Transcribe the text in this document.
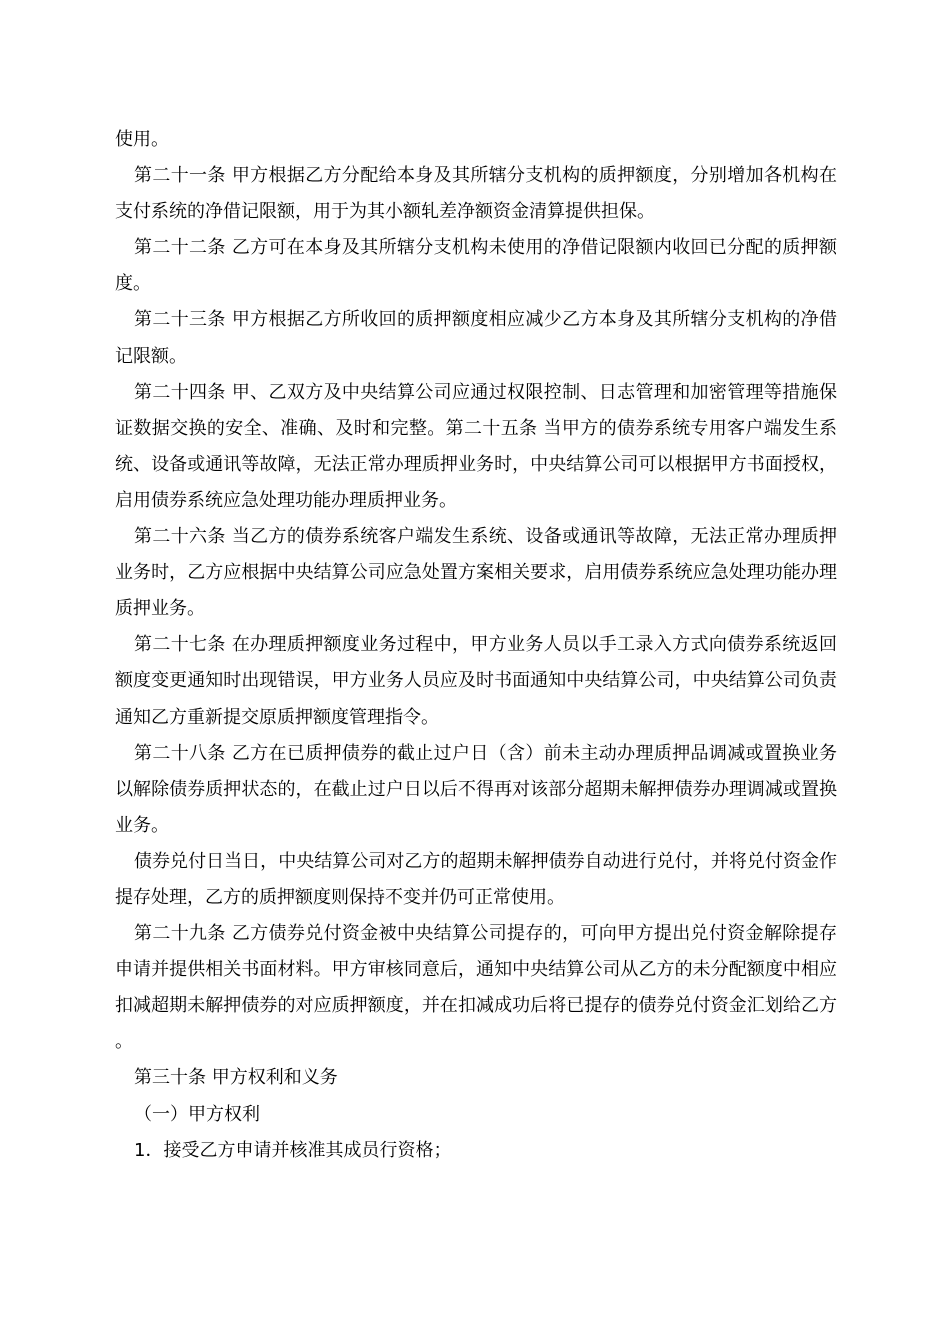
使用。

第二十一条 甲方根据乙方分配给本身及其所辖分支机构的质押额度，分别增加各机构在支付系统的净借记限额，用于为其小额轧差净额资金清算提供担保。

第二十二条 乙方可在本身及其所辖分支机构未使用的净借记限额内收回已分配的质押额度。

第二十三条 甲方根据乙方所收回的质押额度相应减少乙方本身及其所辖分支机构的净借记限额。

第二十四条 甲、乙双方及中央结算公司应通过权限控制、日志管理和加密管理等措施保证数据交换的安全、准确、及时和完整。第二十五条 当甲方的债券系统专用客户端发生系统、设备或通讯等故障，无法正常办理质押业务时，中央结算公司可以根据甲方书面授权，启用债券系统应急处理功能办理质押业务。

第二十六条 当乙方的债券系统客户端发生系统、设备或通讯等故障，无法正常办理质押业务时，乙方应根据中央结算公司应急处置方案相关要求，启用债券系统应急处理功能办理质押业务。

第二十七条 在办理质押额度业务过程中，甲方业务人员以手工录入方式向债券系统返回额度变更通知时出现错误，甲方业务人员应及时书面通知中央结算公司，中央结算公司负责通知乙方重新提交原质押额度管理指令。

第二十八条 乙方在已质押债券的截止过户日（含）前未主动办理质押品调减或置换业务以解除债券质押状态的，在截止过户日以后不得再对该部分超期未解押债券办理调减或置换业务。

债券兑付日当日，中央结算公司对乙方的超期未解押债券自动进行兑付，并将兑付资金作提存处理，乙方的质押额度则保持不变并仍可正常使用。

第二十九条 乙方债券兑付资金被中央结算公司提存的，可向甲方提出兑付资金解除提存申请并提供相关书面材料。甲方审核同意后，通知中央结算公司从乙方的未分配额度中相应扣减超期未解押债券的对应质押额度，并在扣减成功后将已提存的债券兑付资金汇划给乙方。

第三十条 甲方权利和义务

（一）甲方权利

1．接受乙方申请并核准其成员行资格；
